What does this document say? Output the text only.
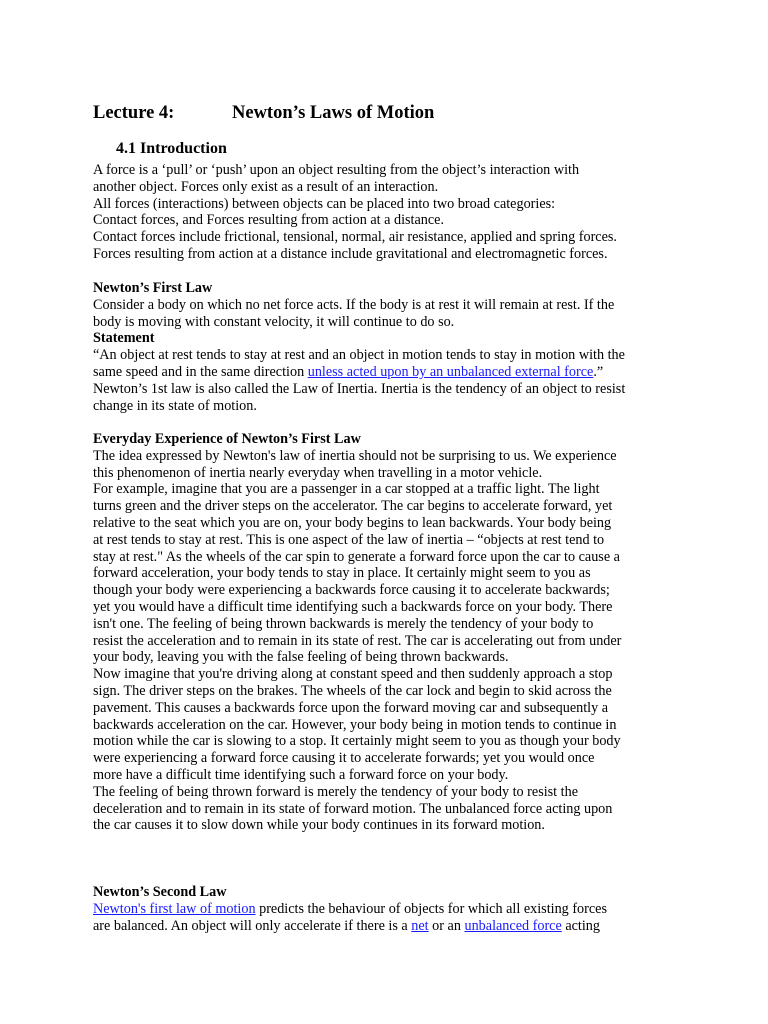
Lecture 4:	Newton’s Laws of Motion
4.1 Introduction
A force is a ‘pull’ or ‘push’ upon an object resulting from the object’s interaction with
another object. Forces only exist as a result of an interaction.
All forces (interactions) between objects can be placed into two broad categories:
Contact forces, and Forces resulting from action at a distance.
Contact forces include frictional, tensional, normal, air resistance, applied and spring forces.
Forces resulting from action at a distance include gravitational and electromagnetic forces.
Newton’s First Law
Consider a body on which no net force acts. If the body is at rest it will remain at rest. If the
body is moving with constant velocity, it will continue to do so.
Statement
“An object at rest tends to stay at rest and an object in motion tends to stay in motion with the
same speed and in the same direction unless acted upon by an unbalanced external force.”
Newton’s 1st law is also called the Law of Inertia. Inertia is the tendency of an object to resist
change in its state of motion.
Everyday Experience of Newton’s First Law
The idea expressed by Newton's law of inertia should not be surprising to us. We experience
this phenomenon of inertia nearly everyday when travelling in a motor vehicle.
For example, imagine that you are a passenger in a car stopped at a traffic light. The light
turns green and the driver steps on the accelerator. The car begins to accelerate forward, yet
relative to the seat which you are on, your body begins to lean backwards. Your body being
at rest tends to stay at rest. This is one aspect of the law of inertia – “objects at rest tend to
stay at rest." As the wheels of the car spin to generate a forward force upon the car to cause a
forward acceleration, your body tends to stay in place. It certainly might seem to you as
though your body were experiencing a backwards force causing it to accelerate backwards;
yet you would have a difficult time identifying such a backwards force on your body. There
isn't one. The feeling of being thrown backwards is merely the tendency of your body to
resist the acceleration and to remain in its state of rest. The car is accelerating out from under
your body, leaving you with the false feeling of being thrown backwards.
Now imagine that you're driving along at constant speed and then suddenly approach a stop
sign. The driver steps on the brakes. The wheels of the car lock and begin to skid across the
pavement. This causes a backwards force upon the forward moving car and subsequently a
backwards acceleration on the car. However, your body being in motion tends to continue in
motion while the car is slowing to a stop. It certainly might seem to you as though your body
were experiencing a forward force causing it to accelerate forwards; yet you would once
more have a difficult time identifying such a forward force on your body.
The feeling of being thrown forward is merely the tendency of your body to resist the
deceleration and to remain in its state of forward motion. The unbalanced force acting upon
the car causes it to slow down while your body continues in its forward motion.
Newton’s Second Law
Newton's first law of motion predicts the behaviour of objects for which all existing forces
are balanced. An object will only accelerate if there is a net or an unbalanced force acting
